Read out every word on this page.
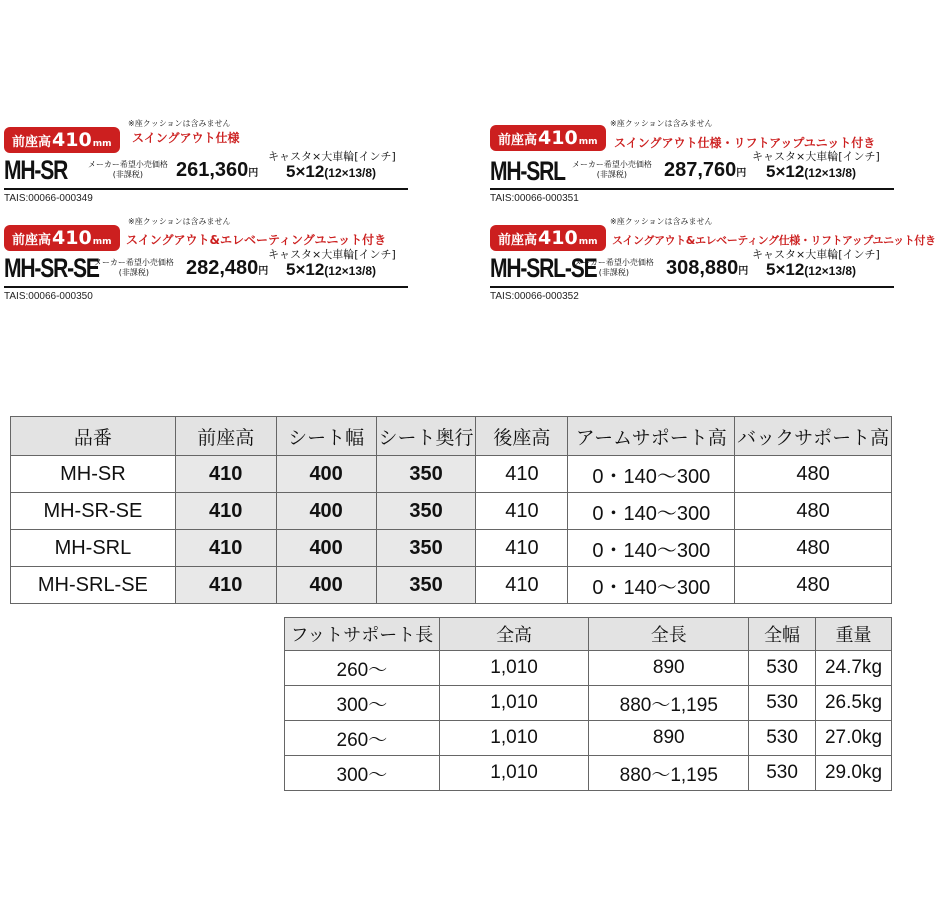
※座クッションは含みません
前座高 410 mm スイングアウト仕様
MH-SR	メーカー希望小売価格
(非課税)	261,360円
キャスタ×大車輪[インチ]
5×12(12×13/8)
TAIS:00066-000349
※座クッションは含みません
前座高 410 mm スイングアウト仕様・リフトアップユニット付き
MH-SRL メーカー希望小売価格
(非課税)	287,760円
キャスタ×大車輪[インチ]
5×12(12×13/8)
TAIS:00066-000351
※座クッションは含みません
前座高 410 mm スイングアウト&エレベーティングユニット付き
MH-SR-SE
メーカー希望小売価格
(非課税)	282,480円
キャスタ×大車輪[インチ]
5×12(12×13/8)
TAIS:00066-000350
※座クッションは含みません
前座高 410 mm スイングアウト&エレベーティング仕様・リフトアップユニット付き
MH-SRL-SE
メーカー希望小売価格
(非課税)	308,880円
キャスタ×大車輪[インチ]
5×12(12×13/8)
TAIS:00066-000352
品番	前座高	シート幅	シート奥行	後座高	アームサポート高	バックサポート高
MH-SR	410	400	350	410	0・140〜300	480
MH-SR-SE	410	400	350	410	0・140〜300	480
MH-SRL	410	400	350	410	0・140〜300	480
MH-SRL-SE	410	400	350	410	0・140〜300	480
フットサポート長	全高	全長	全幅	重量
260〜	1,010	890	530	24.7kg
300〜	1,010	880〜1,195	530	26.5kg
260〜	1,010	890	530	27.0kg
300〜	1,010	880〜1,195	530	29.0kg
